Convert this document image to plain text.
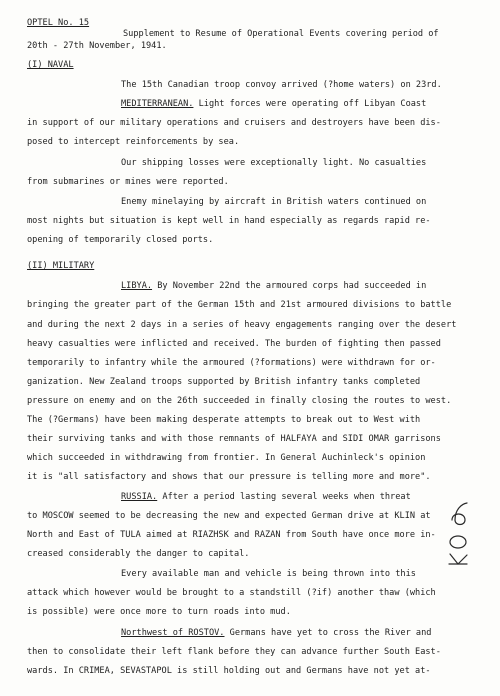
OPTEL No. 15
Supplement to Resume of Operational Events covering period of
20th - 27th November, 1941.
(I) NAVAL
The 15th Canadian troop convoy arrived (?home waters) on 23rd.
MEDITERRANEAN. Light forces were operating off Libyan Coast
in support of our military operations and cruisers and destroyers have been dis-
posed to intercept reinforcements by sea.
Our shipping losses were exceptionally light. No casualties
from submarines or mines were reported.
Enemy minelaying by aircraft in British waters continued on
most nights but situation is kept well in hand especially as regards rapid re-
opening of temporarily closed ports.
(II) MILITARY
LIBYA. By November 22nd the armoured corps had succeeded in
bringing the greater part of the German 15th and 21st armoured divisions to battle
and during the next 2 days in a series of heavy engagements ranging over the desert
heavy casualties were inflicted and received. The burden of fighting then passed
temporarily to infantry while the armoured (?formations) were withdrawn for or-
ganization. New Zealand troops supported by British infantry tanks completed
pressure on enemy and on the 26th succeeded in finally closing the routes to west.
The (?Germans) have been making desperate attempts to break out to West with
their surviving tanks and with those remnants of HALFAYA and SIDI OMAR garrisons
which succeeded in withdrawing from frontier. In General Auchinleck's opinion
it is "all satisfactory and shows that our pressure is telling more and more".
RUSSIA. After a period lasting several weeks when threat
to MOSCOW seemed to be decreasing the new and expected German drive at KLIN at
North and East of TULA aimed at RIAZHSK and RAZAN from South have once more in-
creased considerably the danger to capital.
Every available man and vehicle is being thrown into this
attack which however would be brought to a standstill (?if) another thaw (which
is possible) were once more to turn roads into mud.
Northwest of ROSTOV. Germans have yet to cross the River and
then to consolidate their left flank before they can advance further South East-
wards. In CRIMEA, SEVASTAPOL is still holding out and Germans have not yet at-
